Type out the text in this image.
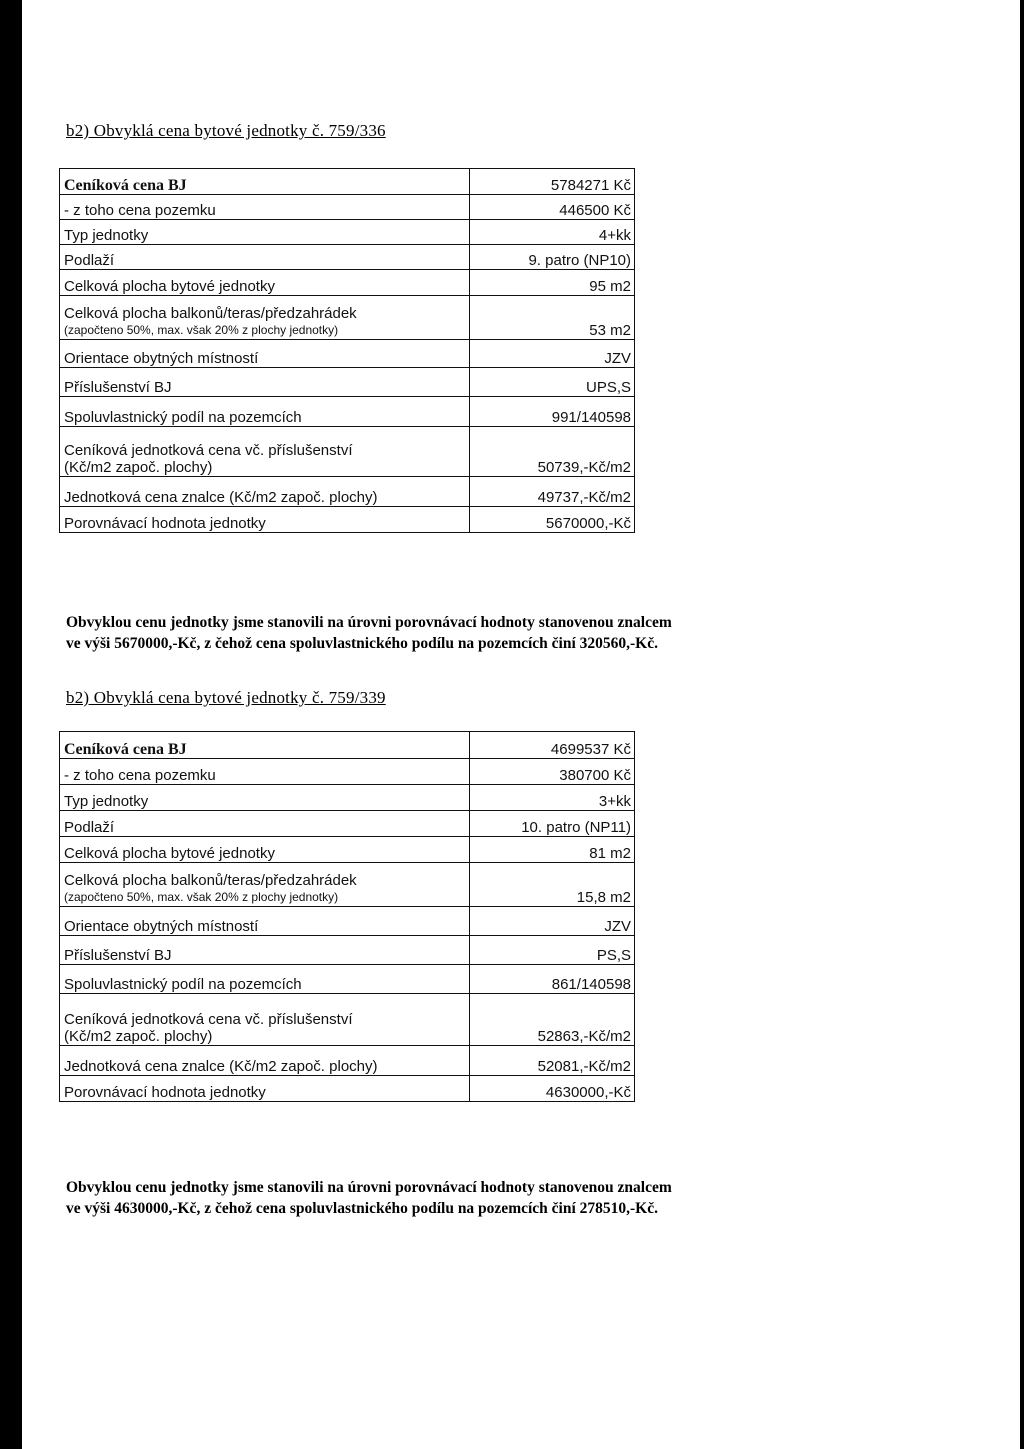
b2) Obvyklá cena bytové jednotky č. 759/336
Ceníková cena BJ	5784271 Kč
- z toho cena pozemku	446500 Kč
Typ jednotky	4+kk
Podlaží	9. patro (NP10)
Celková plocha bytové jednotky	95 m2

Celková plocha balkonů/teras/předzahrádek
(započteno 50%, max. však 20% z plochy jednotky)	53 m2
Orientace obytných místností	JZV
Příslušenství BJ	UPS,S
Spoluvlastnický podíl na pozemcích	991/140598

Ceníková jednotková cena vč. příslušenství
(Kč/m2 započ. plochy)	50739,-Kč/m2
Jednotková cena znalce (Kč/m2 započ. plochy)	49737,-Kč/m2
Porovnávací hodnota jednotky	5670000,-Kč
Obvyklou cenu jednotky jsme stanovili na úrovni porovnávací hodnoty stanovenou znalcem
ve výši 5670000,-Kč, z čehož cena spoluvlastnického podílu na pozemcích činí 320560,-Kč.
b2) Obvyklá cena bytové jednotky č. 759/339
Ceníková cena BJ	4699537 Kč
- z toho cena pozemku	380700 Kč
Typ jednotky	3+kk
Podlaží	10. patro (NP11)
Celková plocha bytové jednotky	81 m2

Celková plocha balkonů/teras/předzahrádek
(započteno 50%, max. však 20% z plochy jednotky)	15,8 m2
Orientace obytných místností	JZV
Příslušenství BJ	PS,S
Spoluvlastnický podíl na pozemcích	861/140598

Ceníková jednotková cena vč. příslušenství
(Kč/m2 započ. plochy)	52863,-Kč/m2
Jednotková cena znalce (Kč/m2 započ. plochy)	52081,-Kč/m2
Porovnávací hodnota jednotky	4630000,-Kč
Obvyklou cenu jednotky jsme stanovili na úrovni porovnávací hodnoty stanovenou znalcem
ve výši 4630000,-Kč, z čehož cena spoluvlastnického podílu na pozemcích činí 278510,-Kč.
